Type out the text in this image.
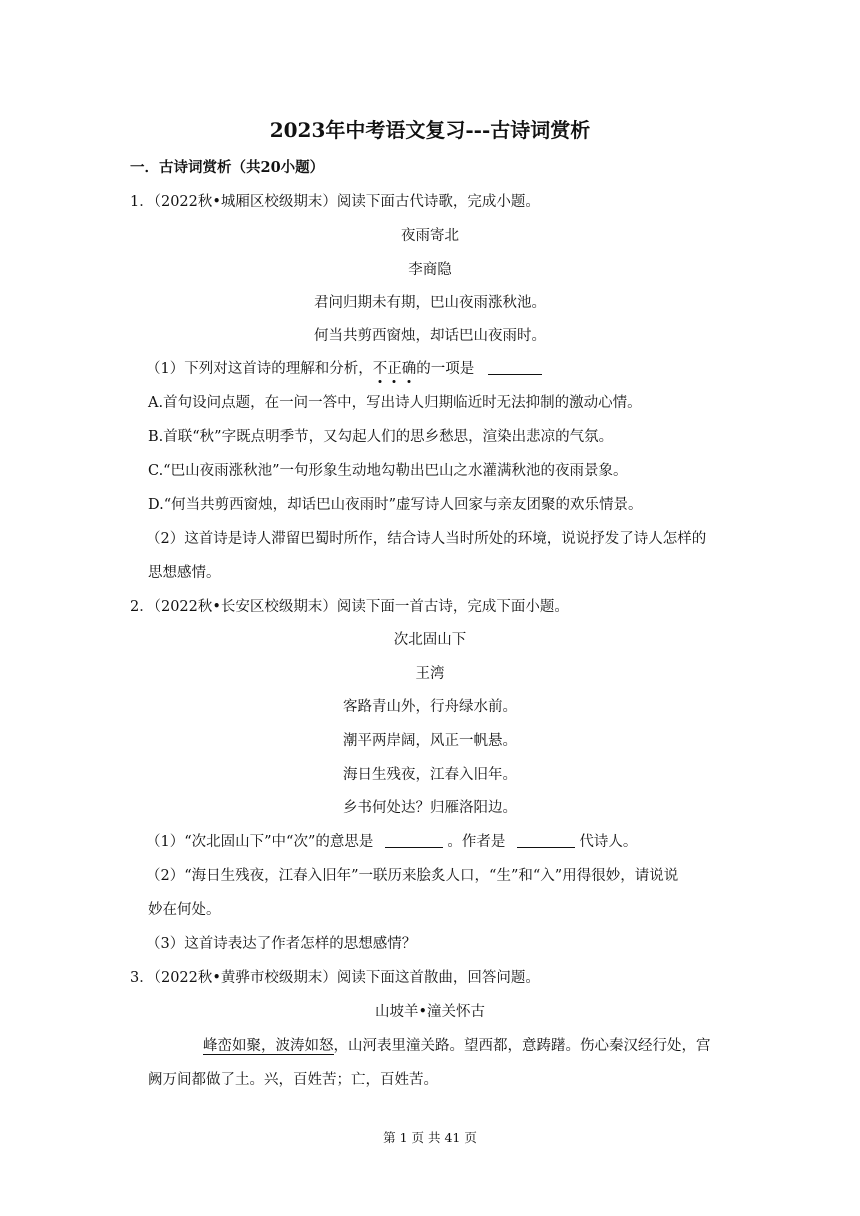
2023年中考语文复习---古诗词赏析
一．古诗词赏析（共20小题）
1．（2022秋•城厢区校级期末）阅读下面古代诗歌，完成小题。
夜雨寄北
李商隐
君问归期未有期，巴山夜雨涨秋池。
何当共剪西窗烛，却话巴山夜雨时。
（1）下列对这首诗的理解和分析，不正确的一项是
A.首句设问点题，在一问一答中，写出诗人归期临近时无法抑制的激动心情。
B.首联“秋”字既点明季节，又勾起人们的思乡愁思，渲染出悲凉的气氛。
C.“巴山夜雨涨秋池”一句形象生动地勾勒出巴山之水灌满秋池的夜雨景象。
D.“何当共剪西窗烛，却话巴山夜雨时”虚写诗人回家与亲友团聚的欢乐情景。
（2）这首诗是诗人滞留巴蜀时所作，结合诗人当时所处的环境，说说抒发了诗人怎样的
思想感情。
2．（2022秋•长安区校级期末）阅读下面一首古诗，完成下面小题。
次北固山下
王湾
客路青山外，行舟绿水前。
潮平两岸阔，风正一帆悬。
海日生残夜，江春入旧年。
乡书何处达？归雁洛阳边。
（1）“次北固山下”中“次”的意思是	。作者是	代诗人。
（2）“海日生残夜，江春入旧年”一联历来脍炙人口，“生”和“入”用得很妙，请说说
妙在何处。
（3）这首诗表达了作者怎样的思想感情？
3．（2022秋•黄骅市校级期末）阅读下面这首散曲，回答问题。
山坡羊•潼关怀古
峰峦如聚，波涛如怒，山河表里潼关路。望西都，意踌躇。伤心秦汉经行处，宫
阙万间都做了土。兴，百姓苦；亡，百姓苦。
第 1 页 共 41 页
